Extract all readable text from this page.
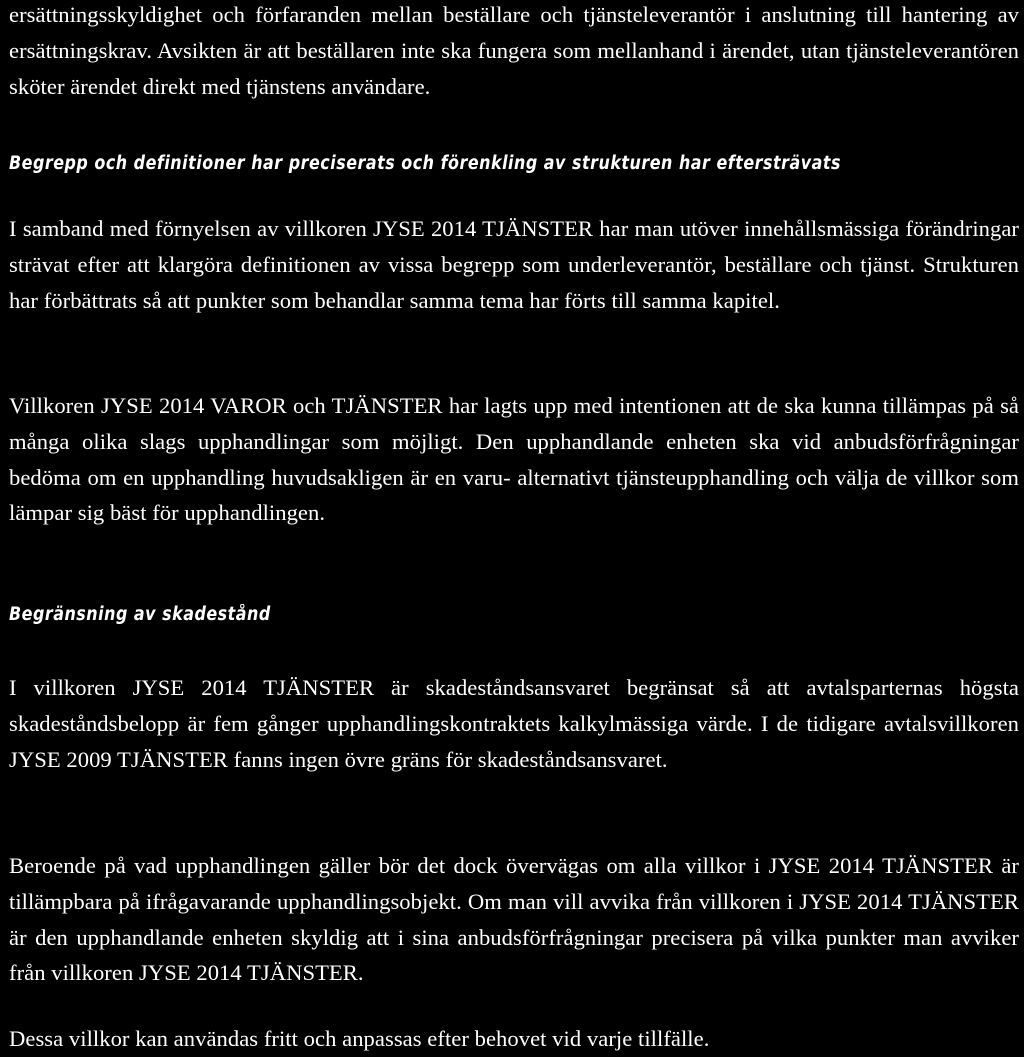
ersättningsskyldighet och förfaranden mellan beställare och tjänsteleverantör i anslutning till hantering av ersättningskrav. Avsikten är att beställaren inte ska fungera som mellanhand i ärendet, utan tjänsteleverantören sköter ärendet direkt med tjänstens användare.

Begrepp och definitioner har preciserats och förenkling av strukturen har eftersträvats

I samband med förnyelsen av villkoren JYSE 2014 TJÄNSTER har man utöver innehållsmässiga förändringar strävat efter att klargöra definitionen av vissa begrepp som underleverantör, beställare och tjänst. Strukturen har förbättrats så att punkter som behandlar samma tema har förts till samma kapitel.

Villkoren JYSE 2014 VAROR och TJÄNSTER har lagts upp med intentionen att de ska kunna tillämpas på så många olika slags upphandlingar som möjligt. Den upphandlande enheten ska vid anbudsförfrågningar bedöma om en upphandling huvudsakligen är en varu- alternativt tjänsteupphandling och välja de villkor som lämpar sig bäst för upphandlingen.

Begränsning av skadestånd

I villkoren JYSE 2014 TJÄNSTER är skadeståndsansvaret begränsat så att avtalsparternas högsta skadeståndsbelopp är fem gånger upphandlingskontraktets kalkylmässiga värde. I de tidigare avtalsvillkoren JYSE 2009 TJÄNSTER fanns ingen övre gräns för skadeståndsansvaret.

Beroende på vad upphandlingen gäller bör det dock övervägas om alla villkor i JYSE 2014 TJÄNSTER är tillämpbara på ifrågavarande upphandlingsobjekt. Om man vill avvika från villkoren i JYSE 2014 TJÄNSTER är den upphandlande enheten skyldig att i sina anbudsförfrågningar precisera på vilka punkter man avviker från villkoren JYSE 2014 TJÄNSTER.

Dessa villkor kan användas fritt och anpassas efter behovet vid varje tillfälle.
